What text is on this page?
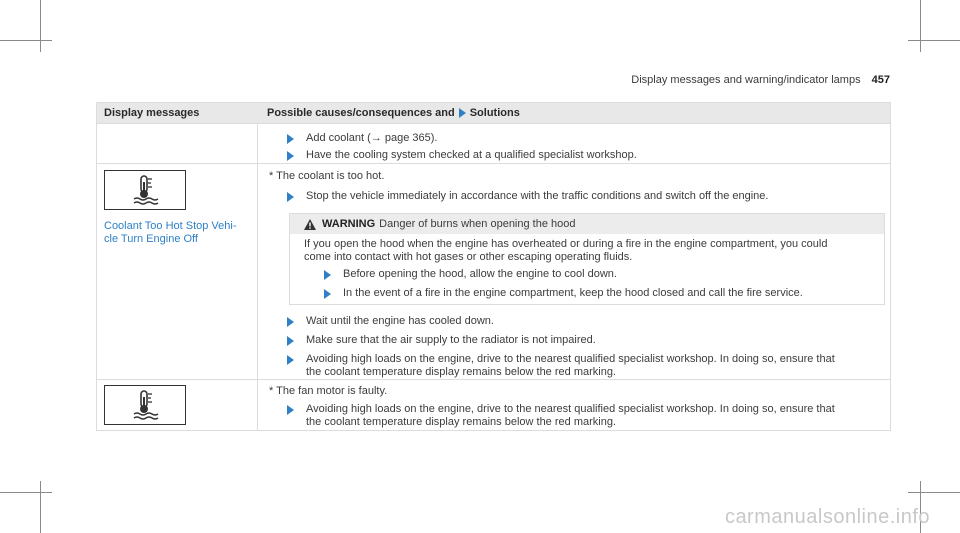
Display messages and warning/indicator lamps 457
Display messages	Possible causes/consequences and Solutions
Add coolant (→ page 365).
Have the cooling system checked at a qualified specialist workshop.
Coolant Too Hot Stop Vehi-
cle Turn Engine Off
* The coolant is too hot.
Stop the vehicle immediately in accordance with the traffic conditions and switch off the engine.
WARNING Danger of burns when opening the hood
If you open the hood when the engine has overheated or during a fire in the engine compartment, you could
come into contact with hot gases or other escaping operating fluids.
Before opening the hood, allow the engine to cool down.
In the event of a fire in the engine compartment, keep the hood closed and call the fire service.
Wait until the engine has cooled down.
Make sure that the air supply to the radiator is not impaired.
Avoiding high loads on the engine, drive to the nearest qualified specialist workshop. In doing so, ensure that
the coolant temperature display remains below the red marking.
* The fan motor is faulty.
Avoiding high loads on the engine, drive to the nearest qualified specialist workshop. In doing so, ensure that
the coolant temperature display remains below the red marking.
carmanualsonline.info
